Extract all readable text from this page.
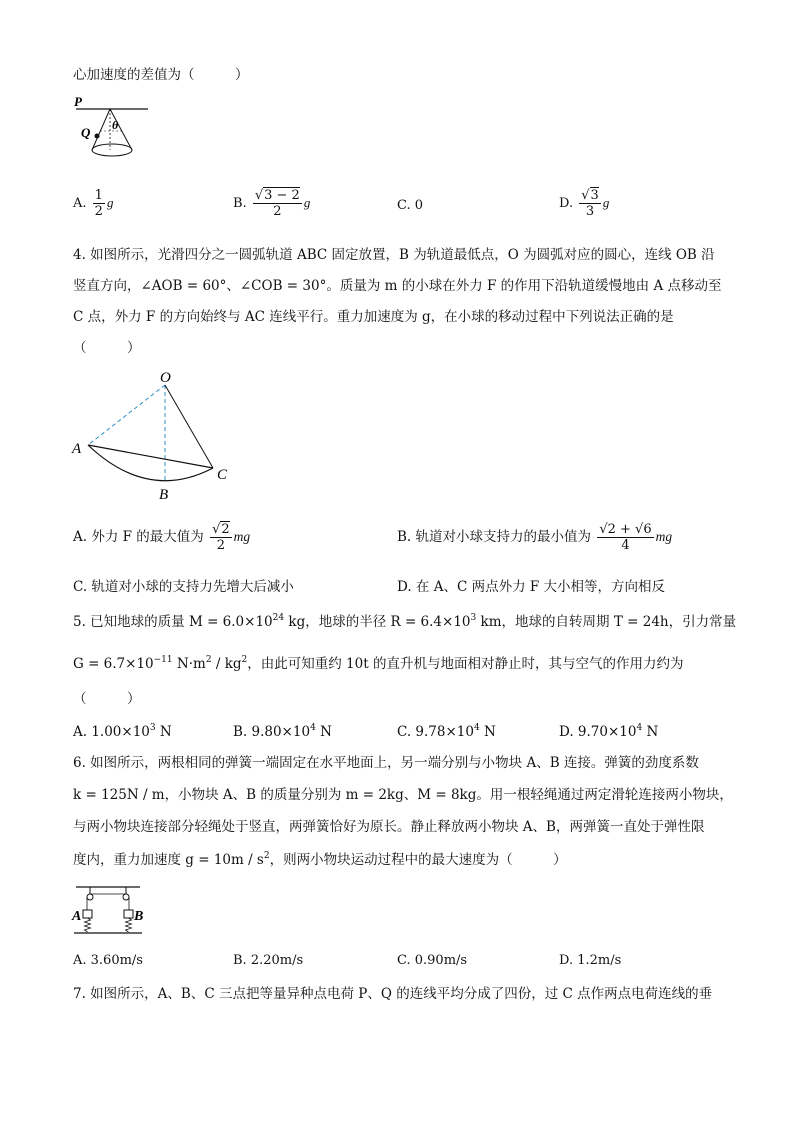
心加速度的差值为（　　　）
P
Q θ
A. $\frac{1}{2}$ g	B. $\frac{√3 - 2}{2}$ g	C. 0	D. $\frac{√3}{3}$ g
4. 如图所示，光滑四分之一圆弧轨道 ABC 固定放置，B 为轨道最低点，O 为圆弧对应的圆心，连线 OB 沿
竖直方向，∠AOB = 60°、∠COB = 30°。质量为 m 的小球在外力 F 的作用下沿轨道缓慢地由 A 点移动至
C 点，外力 F 的方向始终与 AC 连线平行。重力加速度为 g，在小球的移动过程中下列说法正确的是
（　　　）
O
A
B
C
A. 外力 F 的最大值为 $\frac{√2}{2}$ mg	B. 轨道对小球支持力的最小值为 $\frac{√2 + √6}{4}$ mg
C. 轨道对小球的支持力先增大后减小	D. 在 A、C 两点外力 F 大小相等，方向相反
5. 已知地球的质量 $M = 6.0\times 10^{24}$ kg，地球的半径 $R = 6.4\times 10^3$ km，地球的自转周期 T = 24h，引力常量
$G = 6.7\times 10^{-11}$ $N\cdot m^2 / kg^2$，由此可知重约 10t 的直升机与地面相对静止时，其与空气的作用力约为
（　　　）
A. $1.00\times 10^3$ N	B. $9.80\times 10^4$ N	C. $9.78\times 10^4$ N	D. $9.70\times 10^4$ N
6. 如图所示，两根相同的弹簧一端固定在水平地面上，另一端分别与小物块 A、B 连接。弹簧的劲度系数
k = 125N / m，小物块 A、B 的质量分别为 m = 2kg、M = 8kg。用一根轻绳通过两定滑轮连接两小物块，
与两小物块连接部分轻绳处于竖直，两弹簧恰好为原长。静止释放两小物块 A、B，两弹簧一直处于弹性限
度内，重力加速度 $g = 10m / s^2$，则两小物块运动过程中的最大速度为（　　　）
A	B
A. 3.60m/s	B. 2.20m/s	C. 0.90m/s	D. 1.2m/s
7. 如图所示，A、B、C 三点把等量异种点电荷 P、Q 的连线平均分成了四份，过 C 点作两点电荷连线的垂
